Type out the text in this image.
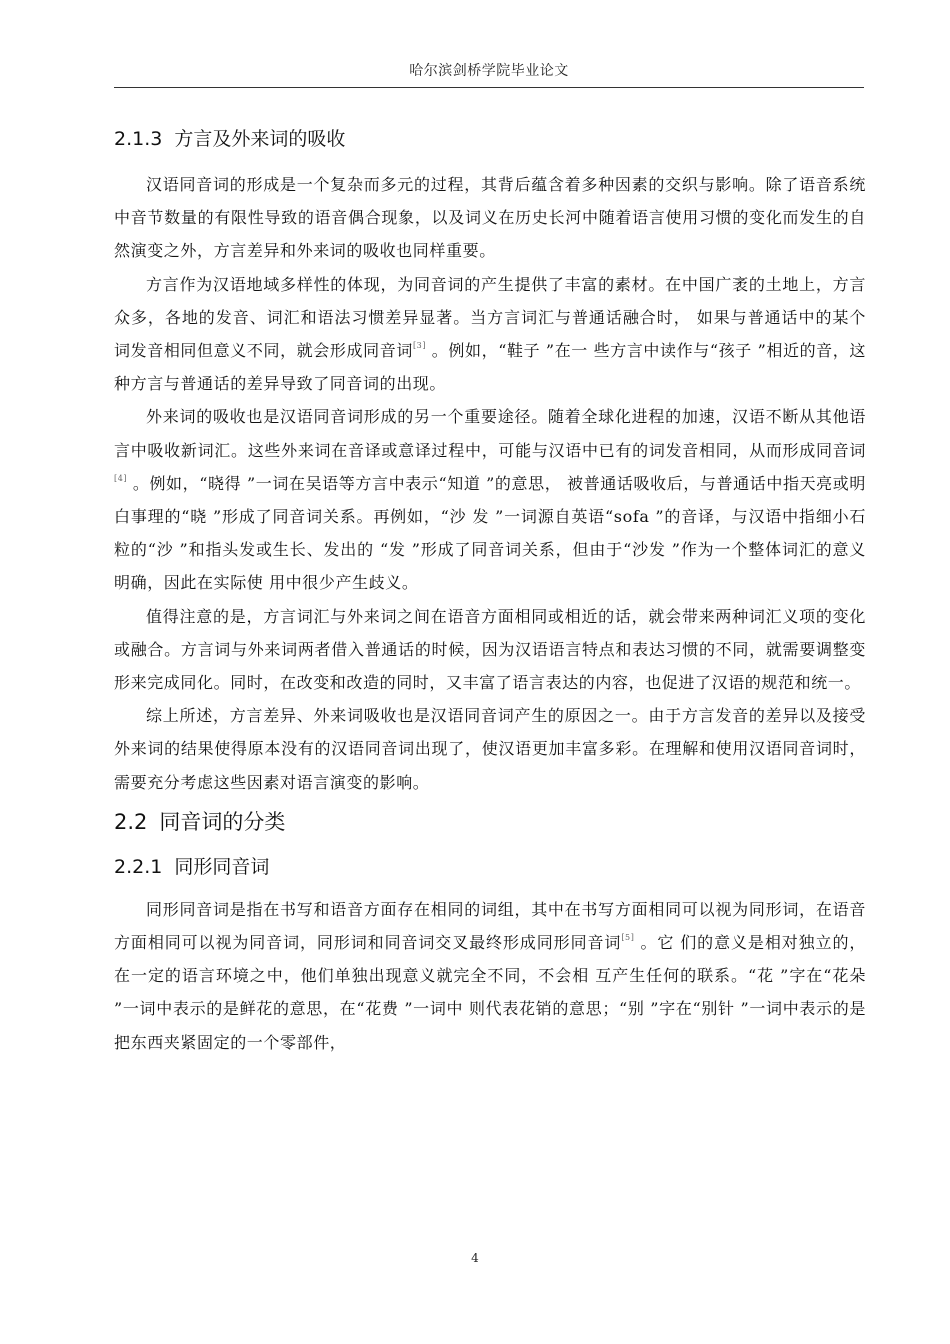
哈尔滨剑桥学院毕业论文
2.1.3 方言及外来词的吸收

汉语同音词的形成是一个复杂而多元的过程，其背后蕴含着多种因素的交织与影响。除了语音系统中音节数量的有限性导致的语音偶合现象，以及词义在历史长河中随着语言使用习惯的变化而发生的自然演变之外，方言差异和外来词的吸收也同样重要。

方言作为汉语地域多样性的体现，为同音词的产生提供了丰富的素材。在中国广袤的土地上，方言众多，各地的发音、词汇和语法习惯差异显著。当方言词汇与普通话融合时， 如果与普通话中的某个词发音相同但意义不同，就会形成同音词[3] 。例如，“鞋子 ”在一 些方言中读作与“孩子 ”相近的音，这种方言与普通话的差异导致了同音词的出现。

外来词的吸收也是汉语同音词形成的另一个重要途径。随着全球化进程的加速，汉语不断从其他语言中吸收新词汇。这些外来词在音译或意译过程中，可能与汉语中已有的词发音相同，从而形成同音词[4] 。例如，“晓得 ”一词在吴语等方言中表示“知道 ”的意思， 被普通话吸收后，与普通话中指天亮或明白事理的“晓 ”形成了同音词关系。再例如，“沙 发 ”一词源自英语“sofa ”的音译，与汉语中指细小石粒的“沙 ”和指头发或生长、发出的 “发 ”形成了同音词关系，但由于“沙发 ”作为一个整体词汇的意义明确，因此在实际使 用中很少产生歧义。

值得注意的是，方言词汇与外来词之间在语音方面相同或相近的话，就会带来两种词汇义项的变化或融合。方言词与外来词两者借入普通话的时候，因为汉语语言特点和表达习惯的不同，就需要调整变形来完成同化。同时，在改变和改造的同时，又丰富了语言表达的内容，也促进了汉语的规范和统一。

综上所述，方言差异、外来词吸收也是汉语同音词产生的原因之一。由于方言发音的差异以及接受外来词的结果使得原本没有的汉语同音词出现了，使汉语更加丰富多彩。在理解和使用汉语同音词时，需要充分考虑这些因素对语言演变的影响。

2.2 同音词的分类
2.2.1 同形同音词

同形同音词是指在书写和语音方面存在相同的词组，其中在书写方面相同可以视为同形词，在语音方面相同可以视为同音词，同形词和同音词交叉最终形成同形同音词[5] 。它 们的意义是相对独立的，在一定的语言环境之中，他们单独出现意义就完全不同，不会相 互产生任何的联系。“花 ”字在“花朵 ”一词中表示的是鲜花的意思，在“花费 ”一词中 则代表花销的意思；“别 ”字在“别针 ”一词中表示的是把东西夹紧固定的一个零部件，

4
